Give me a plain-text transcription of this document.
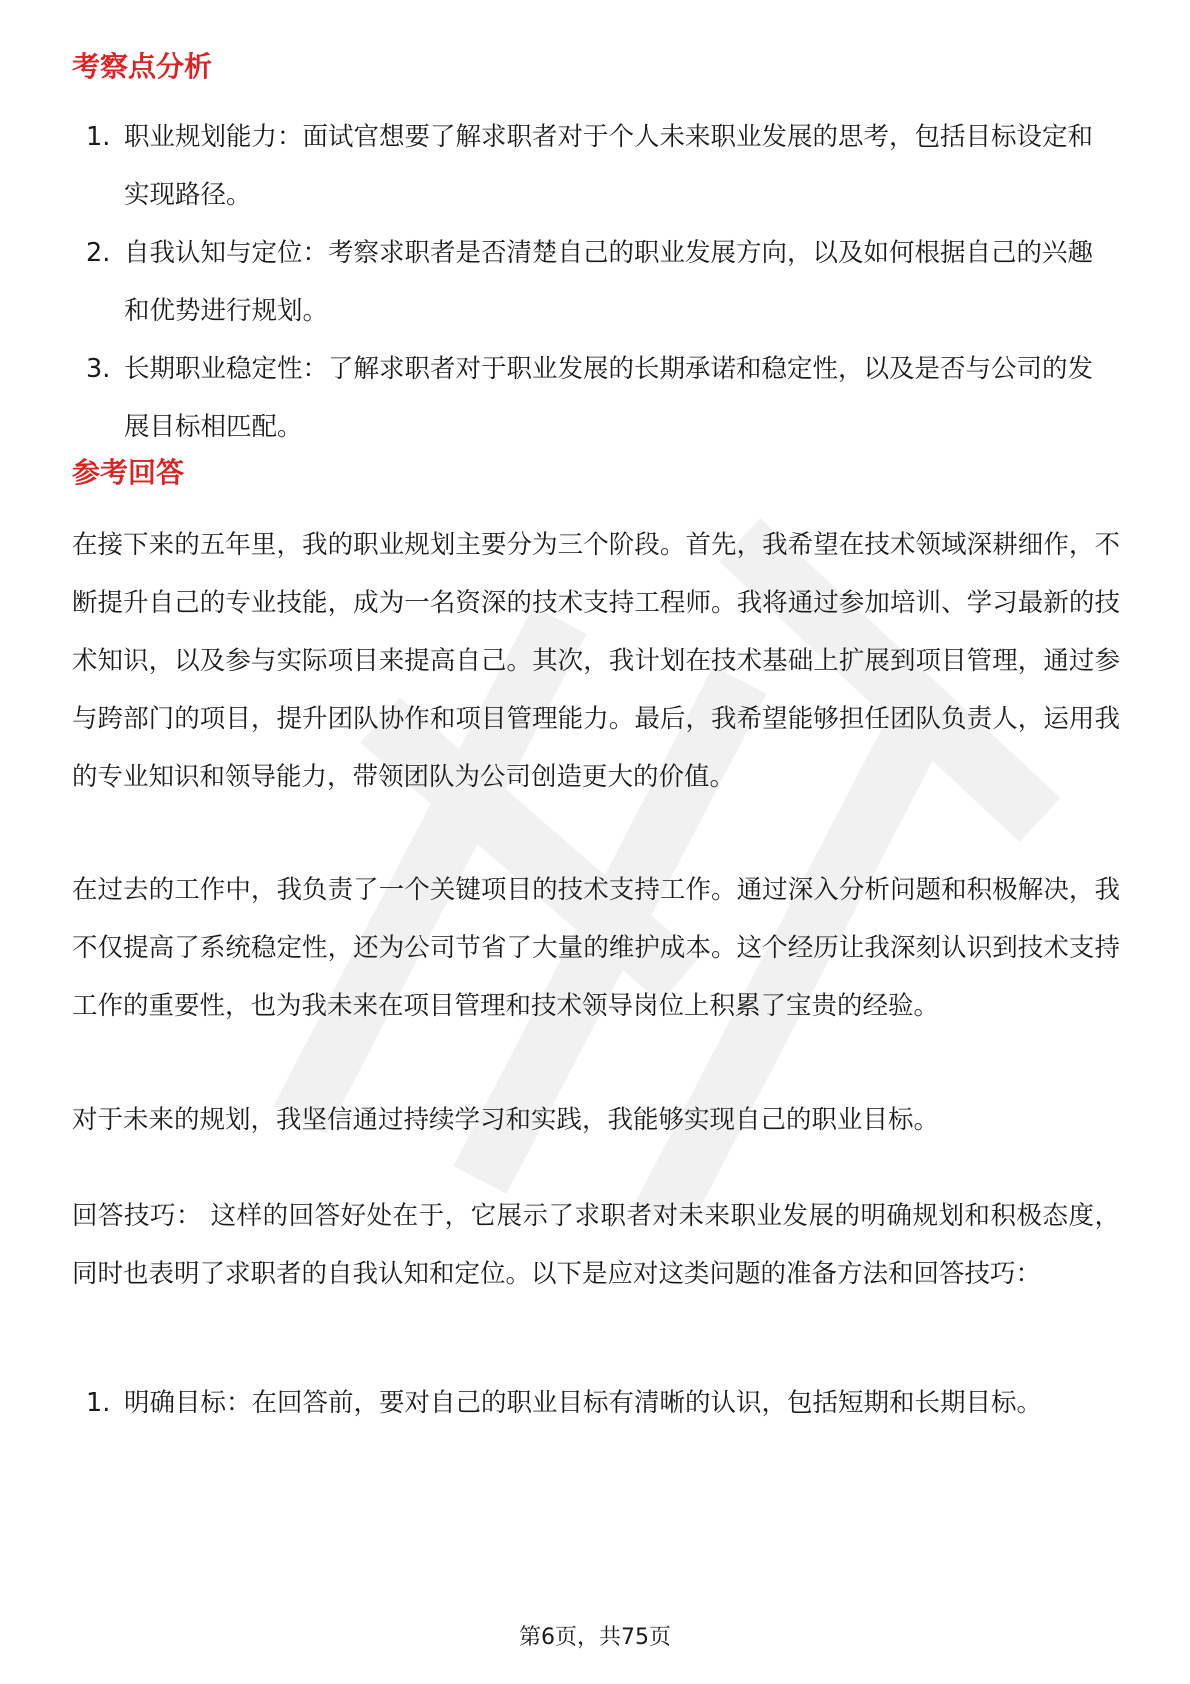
考察点分析
1. 职业规划能力：面试官想要了解求职者对于个人未来职业发展的思考，包括目标设定和实现路径。
2. 自我认知与定位：考察求职者是否清楚自己的职业发展方向，以及如何根据自己的兴趣和优势进行规划。
3. 长期职业稳定性：了解求职者对于职业发展的长期承诺和稳定性，以及是否与公司的发展目标相匹配。
参考回答

在接下来的五年里，我的职业规划主要分为三个阶段。首先，我希望在技术领域深耕细作，不断提升自己的专业技能，成为一名资深的技术支持工程师。我将通过参加培训、学习最新的技术知识，以及参与实际项目来提高自己。其次，我计划在技术基础上扩展到项目管理，通过参与跨部门的项目，提升团队协作和项目管理能力。最后，我希望能够担任团队负责人，运用我的专业知识和领导能力，带领团队为公司创造更大的价值。

在过去的工作中，我负责了一个关键项目的技术支持工作。通过深入分析问题和积极解决，我不仅提高了系统稳定性，还为公司节省了大量的维护成本。这个经历让我深刻认识到技术支持工作的重要性，也为我未来在项目管理和技术领导岗位上积累了宝贵的经验。

对于未来的规划，我坚信通过持续学习和实践，我能够实现自己的职业目标。

回答技巧： 这样的回答好处在于，它展示了求职者对未来职业发展的明确规划和积极态度，同时也表明了求职者的自我认知和定位。以下是应对这类问题的准备方法和回答技巧：

1. 明确目标：在回答前，要对自己的职业目标有清晰的认识，包括短期和长期目标。
第6页，共75页
